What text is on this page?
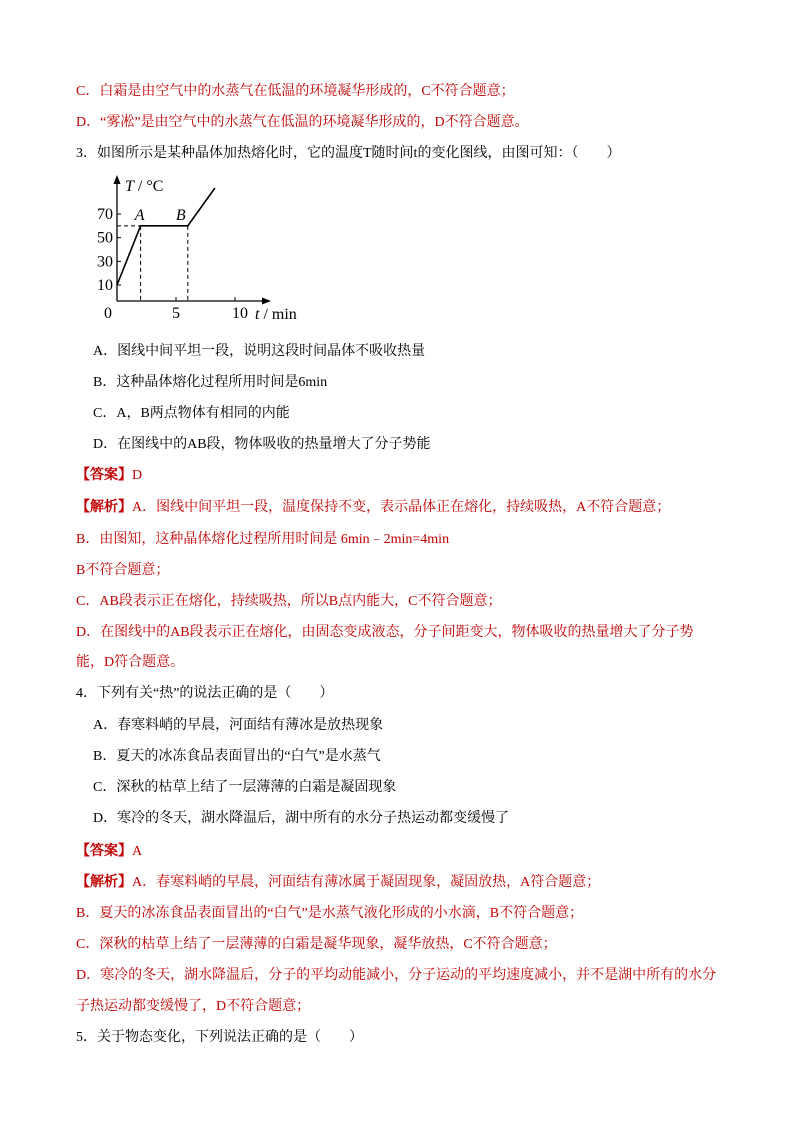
C．白霜是由空气中的水蒸气在低温的环境凝华形成的，C不符合题意；
D．“雾凇”是由空气中的水蒸气在低温的环境凝华形成的，D不符合题意。
3．如图所示是某种晶体加热熔化时，它的温度T随时间t的变化图线，由图可知：（　　）
10
30
50
70
0	5	10
T / °C
t / min
A B
A．图线中间平坦一段，说明这段时间晶体不吸收热量
B．这种晶体熔化过程所用时间是6min
C．A，B两点物体有相同的内能
D．在图线中的AB段，物体吸收的热量增大了分子势能
【答案】D
【解析】A．图线中间平坦一段，温度保持不变，表示晶体正在熔化，持续吸热，A不符合题意；
B．由图知，这种晶体熔化过程所用时间是 6min﹣2min=4min
B不符合题意；
C．AB段表示正在熔化，持续吸热，所以B点内能大，C不符合题意；
D．在图线中的AB段表示正在熔化，由固态变成液态，分子间距变大，物体吸收的热量增大了分子势
能，D符合题意。
4．下列有关“热”的说法正确的是（　　）
A．春寒料峭的早晨，河面结有薄冰是放热现象
B．夏天的冰冻食品表面冒出的“白气”是水蒸气
C．深秋的枯草上结了一层薄薄的白霜是凝固现象
D．寒冷的冬天，湖水降温后，湖中所有的水分子热运动都变缓慢了
【答案】A
【解析】A．春寒料峭的早晨，河面结有薄冰属于凝固现象，凝固放热，A符合题意；
B．夏天的冰冻食品表面冒出的“白气”是水蒸气液化形成的小水滴，B不符合题意；
C．深秋的枯草上结了一层薄薄的白霜是凝华现象，凝华放热，C不符合题意；
D．寒冷的冬天，湖水降温后，分子的平均动能减小，分子运动的平均速度减小，并不是湖中所有的水分
子热运动都变缓慢了，D不符合题意；
5．关于物态变化，下列说法正确的是（　　）
